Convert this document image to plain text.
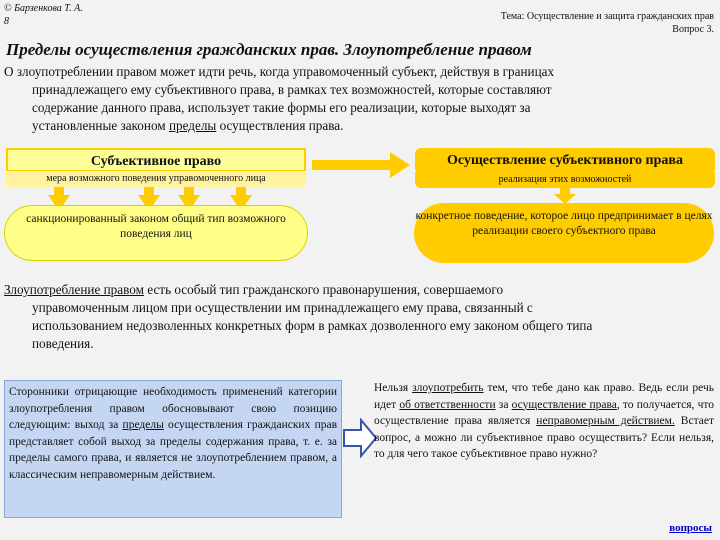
© Барзенкова Т. А.
8	Тема: Осуществление и защита гражданских прав
Вопрос 3.
Пределы осуществления гражданских прав. Злоупотребление правом
О злоупотреблении правом может идти речь, когда управомоченный субъект, действуя в границах
принадлежащего ему субъективного права, в рамках тех возможностей, которые составляют
содержание данного права, использует такие формы его реализации, которые выходят за
установленные законом пределы осуществления права.
Субъективное право
мера возможного поведения управомоченного лица
санкционированный законом общий тип возможного поведения лиц
Осуществление субъективного права
реализация этих возможностей
конкретное поведение, которое лицо предпринимает в целях реализации своего субъектного права
Злоупотребление правом есть особый тип гражданского правонарушения, совершаемого
управомоченным лицом при осуществлении им принадлежащего ему права, связанный с
использованием недозволенных конкретных форм в рамках дозволенного ему законом общего типа
поведения.
Сторонники отрицающие необходимость применений категории злоупотребления правом обосновывают свою позицию следующим: выход за пределы осуществления гражданских прав представляет собой выход за пределы содержания права, т. е. за пределы самого права, и является не злоупотреблением правом, а классическим неправомерным действием.
Нельзя злоупотребить тем, что тебе дано как право. Ведь если речь идет об ответственности за осуществление права, то получается, что осуществление права является неправомерным действием. Встает вопрос, а можно ли субъективное право осуществить? Если нельзя, то для чего такое субъективное право нужно?
вопросы
